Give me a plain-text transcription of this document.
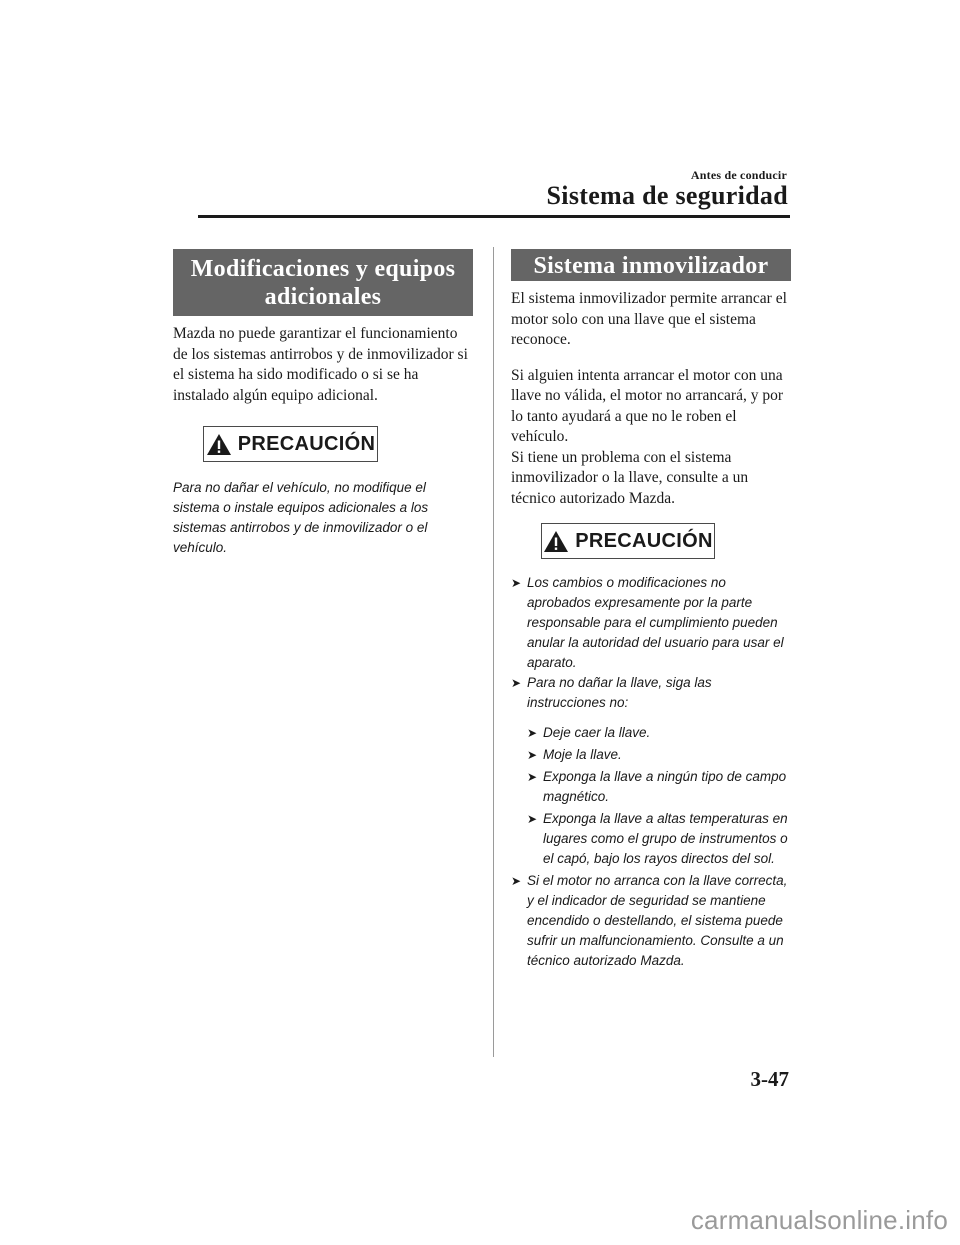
Antes de conducir
Sistema de seguridad
Modificaciones y equipos adicionales

Mazda no puede garantizar el funcionamiento de los sistemas antirrobos y de inmovilizador si el sistema ha sido modificado o si se ha instalado algún equipo adicional.

PRECAUCIÓN

Para no dañar el vehículo, no modifique el sistema o instale equipos adicionales a los sistemas antirrobos y de inmovilizador o el vehículo.

Sistema inmovilizador

El sistema inmovilizador permite arrancar el motor solo con una llave que el sistema reconoce.

Si alguien intenta arrancar el motor con una llave no válida, el motor no arrancará, y por lo tanto ayudará a que no le roben el vehículo.

Si tiene un problema con el sistema inmovilizador o la llave, consulte a un técnico autorizado Mazda.

PRECAUCIÓN
➤ Los cambios o modificaciones no aprobados expresamente por la parte responsable para el cumplimiento pueden anular la autoridad del usuario para usar el aparato.
➤ Para no dañar la llave, siga las instrucciones no:
➤ Deje caer la llave.
➤ Moje la llave.
➤ Exponga la llave a ningún tipo de campo magnético.
➤ Exponga la llave a altas temperaturas en lugares como el grupo de instrumentos o el capó, bajo los rayos directos del sol.
➤ Si el motor no arranca con la llave correcta, y el indicador de seguridad se mantiene encendido o destellando, el sistema puede sufrir un malfuncionamiento. Consulte a un técnico autorizado Mazda.
3-47
carmanualsonline.info
